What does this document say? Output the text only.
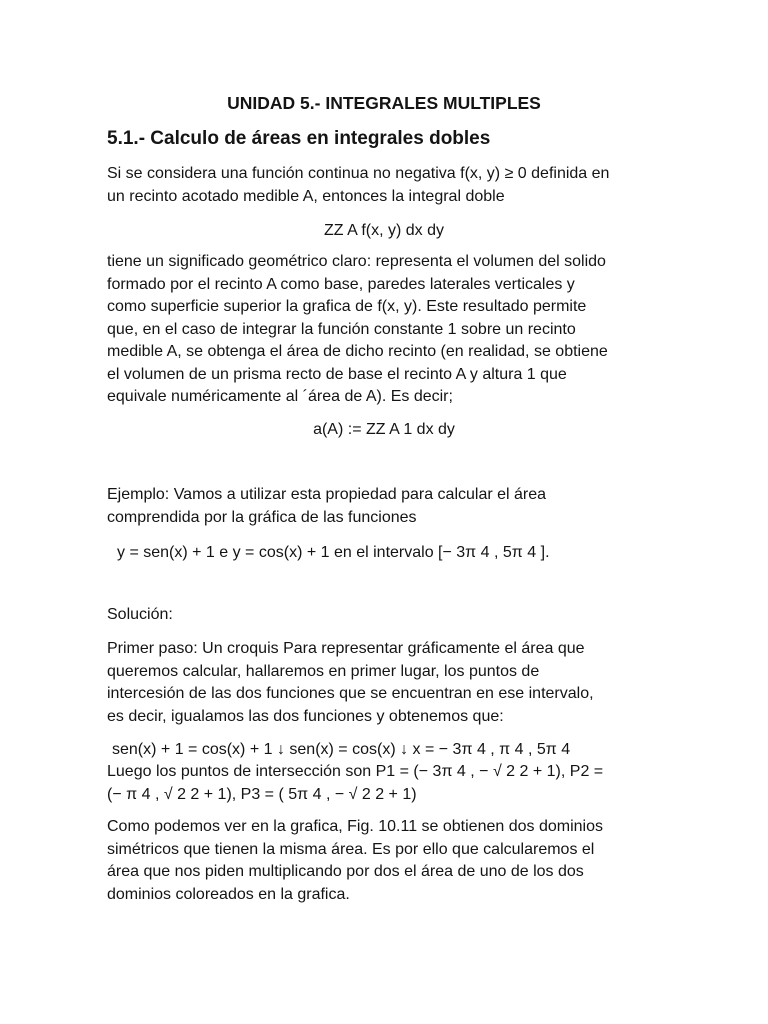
UNIDAD 5.- INTEGRALES MULTIPLES
5.1.- Calculo de áreas en integrales dobles
Si se considera una función continua no negativa f(x, y) ≥ 0 definida en
un recinto acotado medible A, entonces la integral doble
ZZ A f(x, y) dx dy
tiene un significado geométrico claro: representa el volumen del solido
formado por el recinto A como base, paredes laterales verticales y
como superficie superior la grafica de f(x, y). Este resultado permite
que, en el caso de integrar la función constante 1 sobre un recinto
medible A, se obtenga el área de dicho recinto (en realidad, se obtiene
el volumen de un prisma recto de base el recinto A y altura 1 que
equivale numéricamente al ´área de A). Es decir;
a(A) := ZZ A 1 dx dy
Ejemplo: Vamos a utilizar esta propiedad para calcular el área
comprendida por la gráfica de las funciones
y = sen(x) + 1 e y = cos(x) + 1 en el intervalo [− 3π 4 , 5π 4 ].
Solución:
Primer paso: Un croquis Para representar gráficamente el área que
queremos calcular, hallaremos en primer lugar, los puntos de
intercesión de las dos funciones que se encuentran en ese intervalo,
es decir, igualamos las dos funciones y obtenemos que:
sen(x) + 1 = cos(x) + 1 ↓ sen(x) = cos(x) ↓ x = − 3π 4 , π 4 , 5π 4
Luego los puntos de intersección son P1 = (− 3π 4 , − √ 2 2 + 1), P2 =
(− π 4 , √ 2 2 + 1), P3 = ( 5π 4 , − √ 2 2 + 1)
Como podemos ver en la grafica, Fig. 10.11 se obtienen dos dominios
simétricos que tienen la misma área. Es por ello que calcularemos el
área que nos piden multiplicando por dos el área de uno de los dos
dominios coloreados en la grafica.
